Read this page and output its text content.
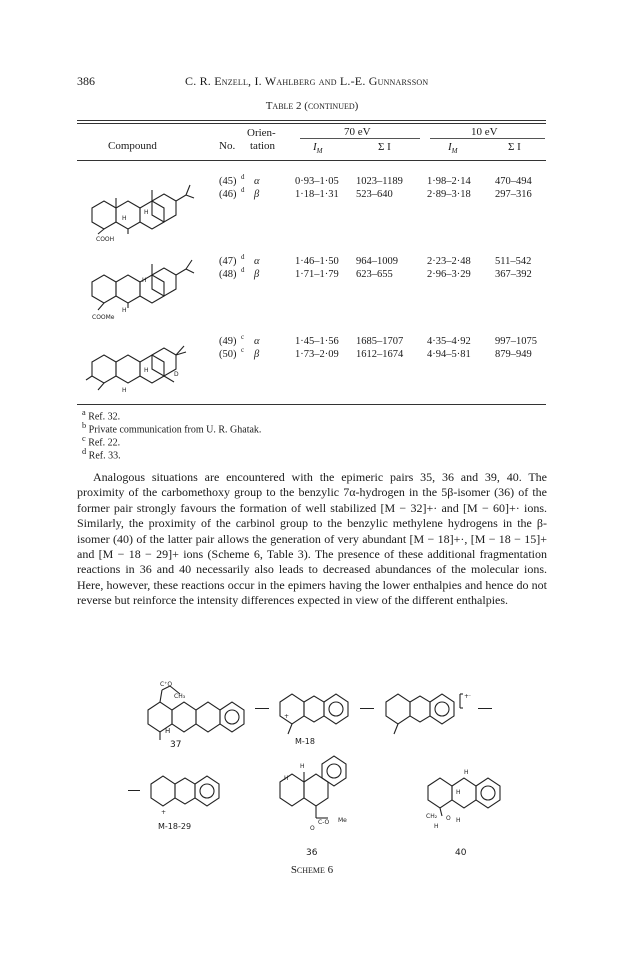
386	C. R. Enzell, I. Wahlberg and L.-E. Gunnarsson
Table 2 (continued)
Compound	No.
Orien-
tation
70 eV	10 eV
$I_M$	Σ I	$I_M$	Σ I
H
H
COOH
H
H
COOMe
H
H
D
(45) d α	0·93–1·05 1023–1189 1·98–2·14 470–494
(46) d β	1·18–1·31 523–640	2·89–3·18 297–316
(47) d α	1·46–1·50 964–1009	2·23–2·48 511–542
(48) d β	1·71–1·79 623–655	2·96–3·29 367–392
(49) c α	1·45–1·56 1685–1707 4·35–4·92 997–1075
(50) c β	1·73–2·09 1612–1674 4·94–5·81 879–949
$^a$ Ref. 32.
$^b$ Private communication from U. R. Ghatak.
$^c$ Ref. 22.
$^d$ Ref. 33.

Analogous situations are encountered with the epimeric pairs 35, 36 and 39, 40. The proximity of the carbomethoxy group to the benzylic 7α-hydrogen in the 5β-isomer (36) of the former pair strongly favours the formation of well stabilized [M − 32]+· and [M − 60]+· ions. Similarly, the proximity of the carbinol group to the benzylic methylene hydrogens in the β-isomer (40) of the latter pair allows the generation of very abundant [M − 18]+·, [M − 18 − 15]+ and [M − 18 − 29]+ ions (Scheme 6, Table 3). The presence of these additional fragmentation reactions in 36 and 40 necessarily also leads to decreased abundances of the molecular ions. Here, however, these reactions occur in the epimers having the lower enthalpies and hence do not reverse but reinforce the intensity differences expected in view of the different enthalpies.

C⁺O
CH₃
37
H
+
M-18
+·
+
M-18-29
H
H
C-O Me
O
36
H
H
CH₂ O H
H
40
Scheme 6
